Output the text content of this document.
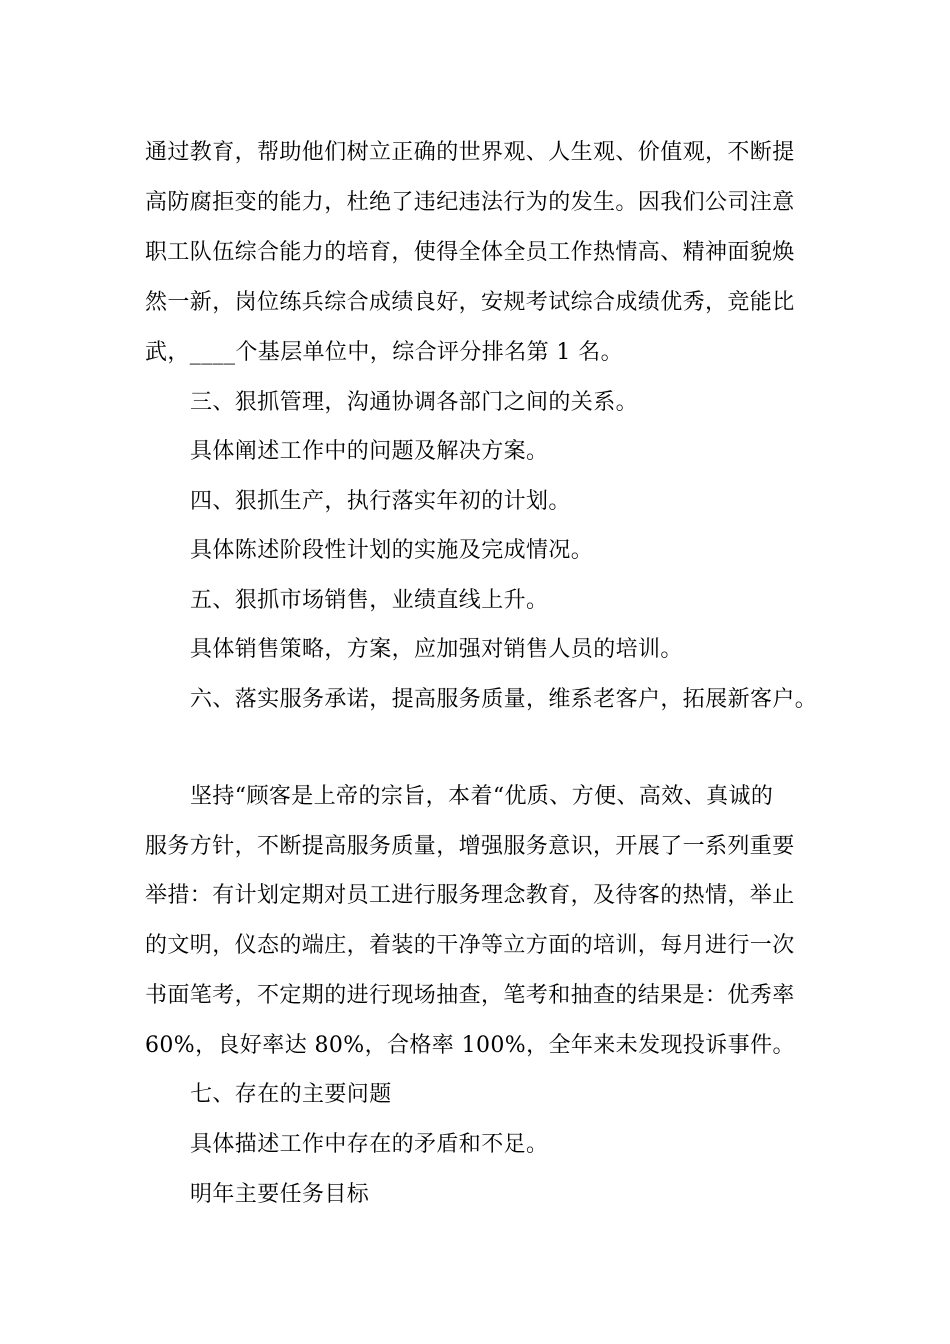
通过教育，帮助他们树立正确的世界观、人生观、价值观，不断提
高防腐拒变的能力，杜绝了违纪违法行为的发生。因我们公司注意
职工队伍综合能力的培育，使得全体全员工作热情高、精神面貌焕
然一新，岗位练兵综合成绩良好，安规考试综合成绩优秀，竞能比
武，____个基层单位中，综合评分排名第 1 名。
三、狠抓管理，沟通协调各部门之间的关系。
具体阐述工作中的问题及解决方案。
四、狠抓生产，执行落实年初的计划。
具体陈述阶段性计划的实施及完成情况。
五、狠抓市场销售，业绩直线上升。
具体销售策略，方案，应加强对销售人员的培训。
六、落实服务承诺，提高服务质量，维系老客户，拓展新客户。
坚持“顾客是上帝的宗旨，本着“优质、方便、高效、真诚的
服务方针，不断提高服务质量，增强服务意识，开展了一系列重要
举措：有计划定期对员工进行服务理念教育，及待客的热情，举止
的文明，仪态的端庄，着装的干净等立方面的培训，每月进行一次
书面笔考，不定期的进行现场抽查，笔考和抽查的结果是：优秀率
60%，良好率达 80%，合格率 100%，全年来未发现投诉事件。
七、存在的主要问题
具体描述工作中存在的矛盾和不足。
明年主要任务目标
